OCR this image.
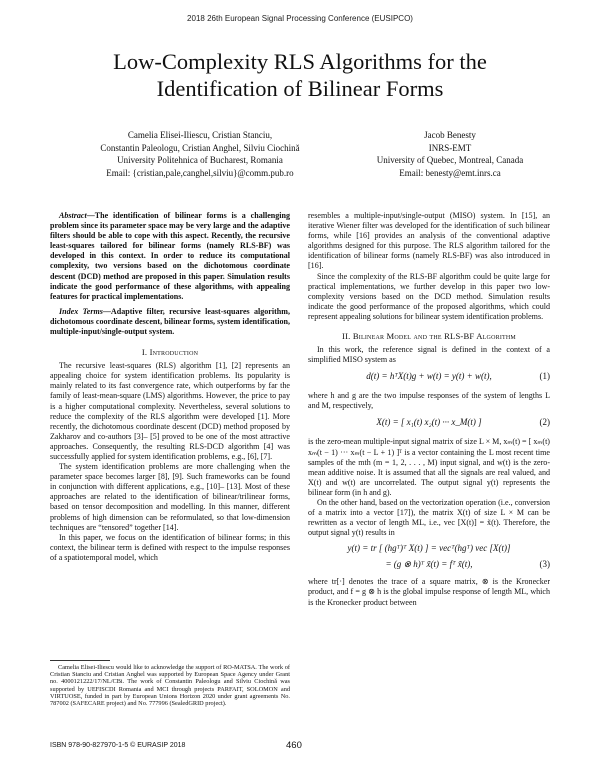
2018 26th European Signal Processing Conference (EUSIPCO)
Low-Complexity RLS Algorithms for the
Identification of Bilinear Forms
Camelia Elisei-Iliescu, Cristian Stanciu,
Constantin Paleologu, Cristian Anghel, Silviu Ciochină
University Politehnica of Bucharest, Romania
Email: {cristian,pale,canghel,silviu}@comm.pub.ro
Jacob Benesty
INRS-EMT
University of Quebec, Montreal, Canada
Email: benesty@emt.inrs.ca

Abstract—The identification of bilinear forms is a challenging problem since its parameter space may be very large and the adaptive filters should be able to cope with this aspect. Recently, the recursive least-squares tailored for bilinear forms (namely RLS-BF) was developed in this context. In order to reduce its computational complexity, two versions based on the dichotomous coordinate descent (DCD) method are proposed in this paper. Simulation results indicate the good performance of these algorithms, with appealing features for practical implementations.

Index Terms—Adaptive filter, recursive least-squares algorithm, dichotomous coordinate descent, bilinear forms, system identification, multiple-input/single-output system.

I. Introduction

The recursive least-squares (RLS) algorithm [1], [2] represents an appealing choice for system identification problems. Its popularity is mainly related to its fast convergence rate, which outperforms by far the family of least-mean-square (LMS) algorithms. However, the price to pay is a higher computational complexity. Nevertheless, several solutions to reduce the complexity of the RLS algorithm were developed [1]. More recently, the dichotomous coordinate descent (DCD) method proposed by Zakharov and co-authors [3]– [5] proved to be one of the most attractive approaches. Consequently, the resulting RLS-DCD algorithm [4] was successfully applied for system identification problems, e.g., [6], [7].

The system identification problems are more challenging when the parameter space becomes larger [8], [9]. Such frameworks can be found in conjunction with different applications, e.g., [10]– [13]. Most of these approaches are related to the identification of bilinear/trilinear forms, based on tensor decomposition and modelling. In this manner, different problems of high dimension can be reformulated, so that low-dimension techniques are “tensored” together [14].

In this paper, we focus on the identification of bilinear forms; in this context, the bilinear term is defined with respect to the impulse responses of a spatiotemporal model, which

Camelia Elisei-Iliescu would like to acknowledge the support of RO-MATSA. The work of Cristian Stanciu and Cristian Anghel was supported by European Space Agency under Grant no. 4000121222/17/NL/CBi. The work of Constantin Paleologu and Silviu Ciochină was supported by UEFISCDI Romania and MCI through projects PARFAIT, SOLOMON and VIRTUOSE, funded in part by European Unions Horizon 2020 under grant agreements No. 787002 (SAFECARE project) and No. 777996 (SealedGRID project).

resembles a multiple-input/single-output (MISO) system. In [15], an iterative Wiener filter was developed for the identification of such bilinear forms, while [16] provides an analysis of the conventional adaptive algorithms designed for this purpose. The RLS algorithm tailored for the identification of bilinear forms (namely RLS-BF) was also introduced in [16].

Since the complexity of the RLS-BF algorithm could be quite large for practical implementations, we further develop in this paper two low-complexity versions based on the DCD method. Simulation results indicate the good performance of the proposed algorithms, which could represent appealing solutions for bilinear system identification problems.

II. Bilinear Model and the RLS-BF Algorithm

In this work, the reference signal is defined in the context of a simplified MISO system as

d(t) = hᵀX(t)g + w(t) = y(t) + w(t),	(1)

where h and g are the two impulse responses of the system of lengths L and M, respectively,

X(t) = [ x₁(t) x₂(t) ··· x_M(t) ]	(2)

is the zero-mean multiple-input signal matrix of size L × M, xₘ(t) = [ xₘ(t) xₘ(t − 1) ··· xₘ(t − L + 1) ]ᵀ is a vector containing the L most recent time samples of the mth (m = 1, 2, . . . , M) input signal, and w(t) is the zero-mean additive noise. It is assumed that all the signals are real valued, and X(t) and w(t) are uncorrelated. The output signal y(t) represents the bilinear form (in h and g).

On the other hand, based on the vectorization operation (i.e., conversion of a matrix into a vector [17]), the matrix X(t) of size L × M can be rewritten as a vector of length ML, i.e., vec [X(t)] = x̃(t). Therefore, the output signal y(t) results in

y(t) = tr [ (hgᵀ)ᵀ X(t) ] = vecᵀ(hgᵀ) vec [X(t)]
= (g ⊗ h)ᵀ x̃(t) = fᵀ x̃(t),	(3)

where tr[·] denotes the trace of a square matrix, ⊗ is the Kronecker product, and f = g ⊗ h is the global impulse response of length ML, which is the Kronecker product between

ISBN 978-90-827970-1-5 © EURASIP 2018	460
